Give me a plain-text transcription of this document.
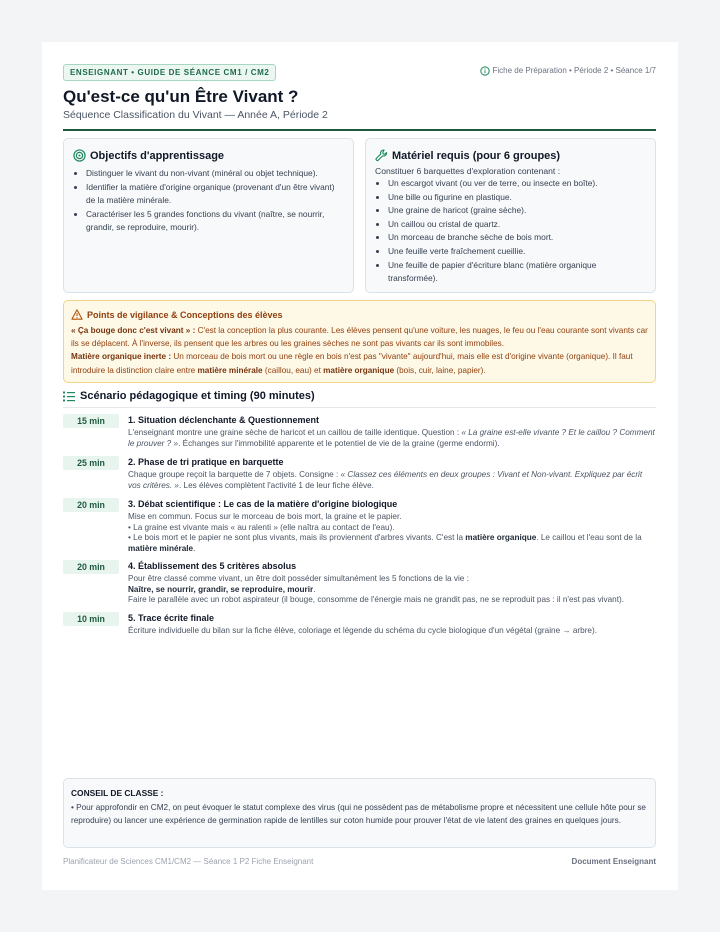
ENSEIGNANT • GUIDE DE SÉANCE CM1 / CM2	Fiche de Préparation • Période 2 • Séance 1/7
Qu'est-ce qu'un Être Vivant ?
Séquence Classification du Vivant — Année A, Période 2
Objectifs d'apprentissage
• Distinguer le vivant du non-vivant (minéral ou objet technique).
• Identifier la matière d'origine organique (provenant d'un être vivant) de la matière minérale.
• Caractériser les 5 grandes fonctions du vivant (naître, se nourrir, grandir, se reproduire, mourir).
Matériel requis (pour 6 groupes)
Constituer 6 barquettes d'exploration contenant :
• Un escargot vivant (ou ver de terre, ou insecte en boîte).
• Une bille ou figurine en plastique.
• Une graine de haricot (graine sèche).
• Un caillou ou cristal de quartz.
• Un morceau de branche sèche de bois mort.
• Une feuille verte fraîchement cueillie.
• Une feuille de papier d'écriture blanc (matière organique transformée).
Points de vigilance & Conceptions des élèves
« Ça bouge donc c'est vivant » : C'est la conception la plus courante. Les élèves pensent qu'une voiture, les nuages, le feu ou l'eau courante sont vivants car ils se déplacent. À l'inverse, ils pensent que les arbres ou les graines sèches ne sont pas vivants car ils sont immobiles.
Matière organique inerte : Un morceau de bois mort ou une règle en bois n'est pas "vivante" aujourd'hui, mais elle est d'origine vivante (organique). Il faut introduire la distinction claire entre matière minérale (caillou, eau) et matière organique (bois, cuir, laine, papier).
Scénario pédagogique et timing (90 minutes)
15 min	1. Situation déclenchante & Questionnement
L'enseignant montre une graine sèche de haricot et un caillou de taille identique. Question : « La graine est-elle vivante ? Et le caillou ? Comment le prouver ? ». Échanges sur l'immobilité apparente et le potentiel de vie de la graine (germe endormi).
25 min	2. Phase de tri pratique en barquette
Chaque groupe reçoit la barquette de 7 objets. Consigne : « Classez ces éléments en deux groupes : Vivant et Non-vivant. Expliquez par écrit vos critères. ». Les élèves complètent l'activité 1 de leur fiche élève.
20 min	3. Débat scientifique : Le cas de la matière d'origine biologique
Mise en commun. Focus sur le morceau de bois mort, la graine et le papier.
• La graine est vivante mais « au ralenti » (elle naîtra au contact de l'eau).
• Le bois mort et le papier ne sont plus vivants, mais ils proviennent d'arbres vivants. C'est la matière organique. Le caillou et l'eau sont de la matière minérale.
20 min	4. Établissement des 5 critères absolus
Pour être classé comme vivant, un être doit posséder simultanément les 5 fonctions de la vie :
Naître, se nourrir, grandir, se reproduire, mourir.
Faire le parallèle avec un robot aspirateur (il bouge, consomme de l'énergie mais ne grandit pas, ne se reproduit pas : il n'est pas vivant).
10 min	5. Trace écrite finale
Écriture individuelle du bilan sur la fiche élève, coloriage et légende du schéma du cycle biologique d'un végétal (graine → arbre).
CONSEIL DE CLASSE :
• Pour approfondir en CM2, on peut évoquer le statut complexe des virus (qui ne possèdent pas de métabolisme propre et nécessitent une cellule hôte pour se reproduire) ou lancer une expérience de germination rapide de lentilles sur coton humide pour prouver l'état de vie latent des graines en quelques jours.
Planificateur de Sciences CM1/CM2 — Séance 1 P2 Fiche Enseignant	Document Enseignant
